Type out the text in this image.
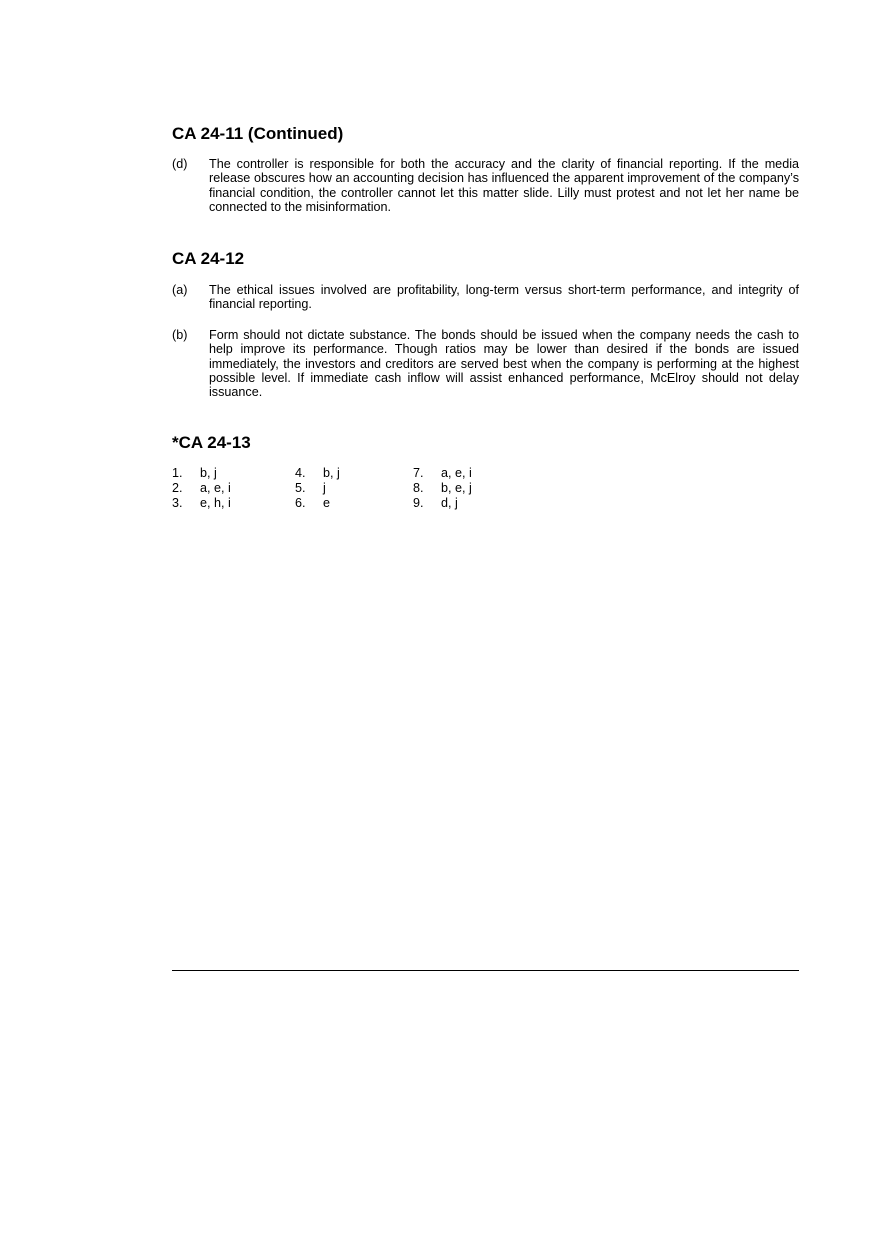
CA 24-11 (Continued)
(d) The controller is responsible for both the accuracy and the clarity of financial reporting. If the media release obscures how an accounting decision has influenced the apparent improvement of the company’s financial condition, the controller cannot let this matter slide. Lilly must protest and not let her name be connected to the misinformation.
CA 24-12
(a) The ethical issues involved are profitability, long-term versus short-term performance, and integrity of financial reporting.
(b) Form should not dictate substance. The bonds should be issued when the company needs the cash to help improve its performance. Though ratios may be lower than desired if the bonds are issued immediately, the investors and creditors are served best when the company is performing at the highest possible level. If immediate cash inflow will assist enhanced performance, McElroy should not delay issuance.
*CA 24-13
1. b, j
2. a, e, i
3. e, h, i
4. b, j
5. j
6. e
7. a, e, i
8. b, e, j
9. d, j
